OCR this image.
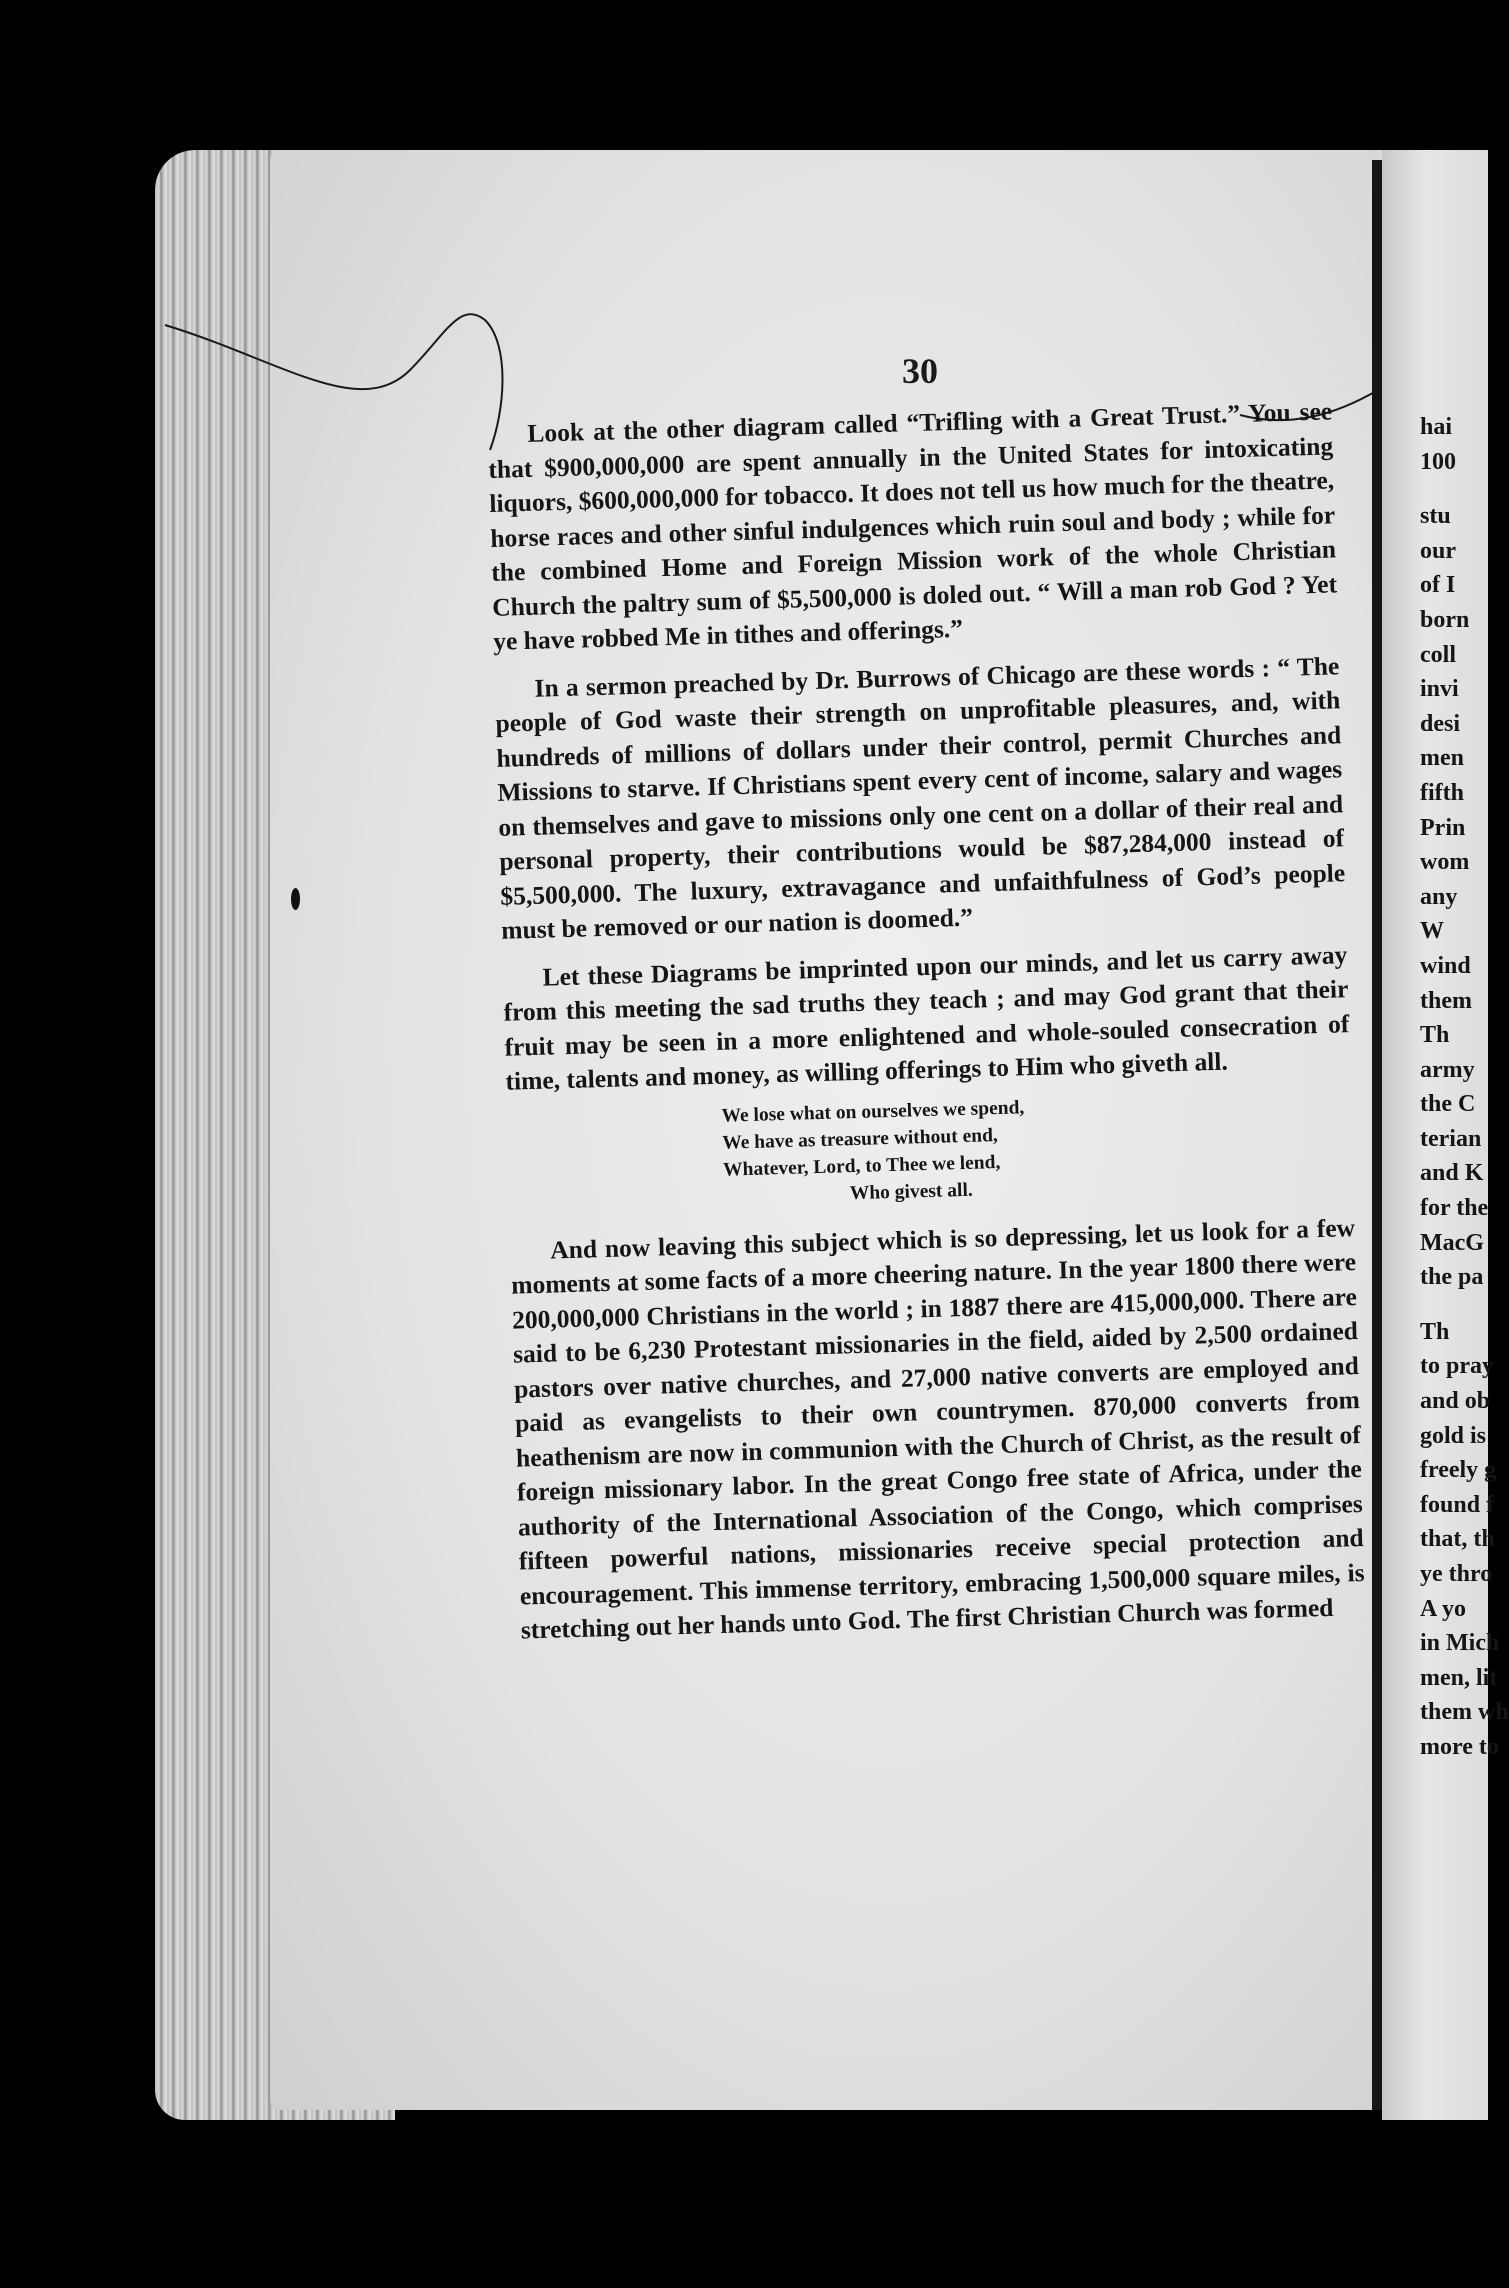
30

Look at the other diagram called “Trifling with a Great Trust.” You see that $900,000,000 are spent annually in the United States for intoxicating liquors, $600,000,000 for tobacco. It does not tell us how much for the theatre, horse races and other sinful indulgences which ruin soul and body ; while for the combined Home and Foreign Mission work of the whole Christian Church the paltry sum of $5,500,000 is doled out. “ Will a man rob God ? Yet ye have robbed Me in tithes and offerings.”

In a sermon preached by Dr. Burrows of Chicago are these words : “ The people of God waste their strength on unprofitable pleasures, and, with hundreds of millions of dollars under their control, permit Churches and Missions to starve. If Christians spent every cent of income, salary and wages on themselves and gave to missions only one cent on a dollar of their real and personal property, their contributions would be $87,284,000 instead of $5,500,000. The luxury, extravagance and unfaithfulness of God’s people must be removed or our nation is doomed.”

Let these Diagrams be imprinted upon our minds, and let us carry away from this meeting the sad truths they teach ; and may God grant that their fruit may be seen in a more enlightened and whole-souled consecration of time, talents and money, as willing offerings to Him who giveth all.

We lose what on ourselves we spend,
We have as treasure without end,
Whatever, Lord, to Thee we lend,
Who givest all.

And now leaving this subject which is so depressing, let us look for a few moments at some facts of a more cheering nature. In the year 1800 there were 200,000,000 Christians in the world ; in 1887 there are 415,000,000. There are said to be 6,230 Protestant missionaries in the field, aided by 2,500 ordained pastors over native churches, and 27,000 native converts are employed and paid as evangelists to their own countrymen. 870,000 converts from heathenism are now in communion with the Church of Christ, as the result of foreign missionary labor. In the great Congo free state of Africa, under the authority of the International Association of the Congo, which comprises fifteen powerful nations, missionaries receive special protection and encouragement. This immense territory, embracing 1,500,000 square miles, is stretching out her hands unto God. The first Christian Church was formed

hai
100
stu
our
of I
born
coll
invi
desi
men
fifth
Prin
wom
any
W
wind
them
Th
army
the C
terian
and K
for the
MacG
the pa
Th
to pray
and ob
gold is
freely g
found f
that, th
ye thro
A yo
in Mich
men, lit
them wh
more to
